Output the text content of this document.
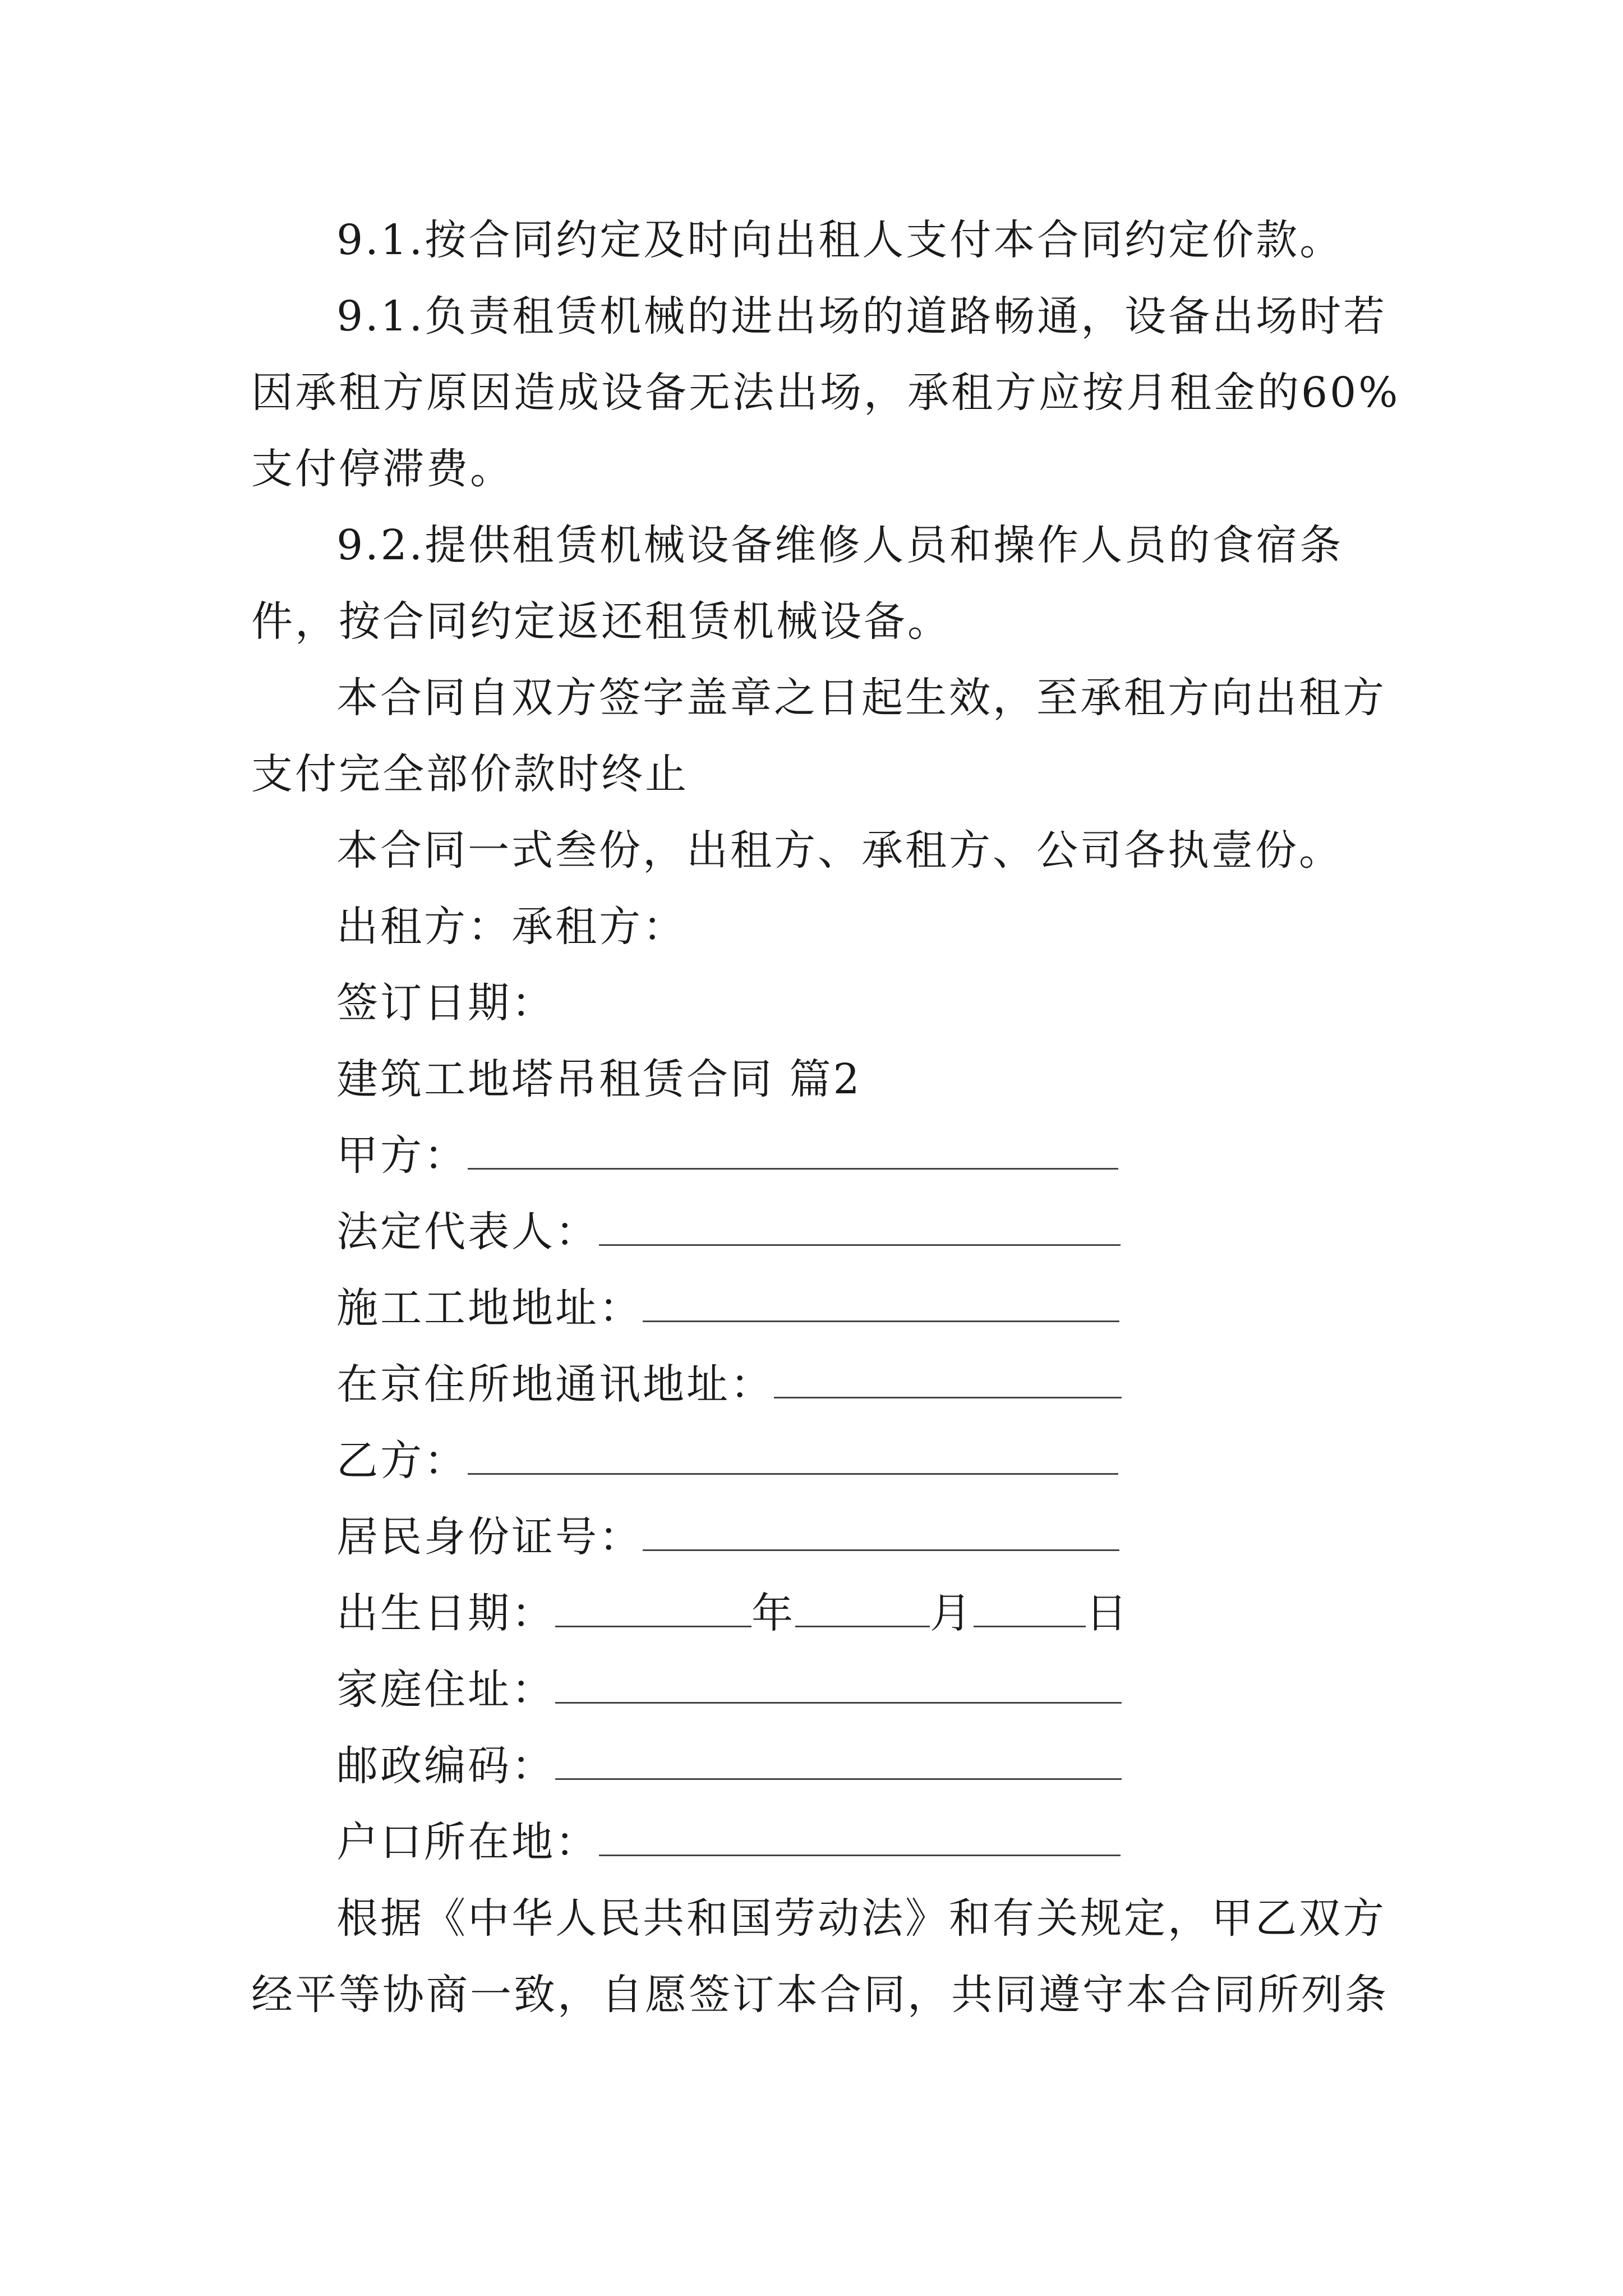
9.1.按合同约定及时向出租人支付本合同约定价款。
9.1.负责租赁机械的进出场的道路畅通，设备出场时若
因承租方原因造成设备无法出场，承租方应按月租金的60%
支付停滞费。
9.2.提供租赁机械设备维修人员和操作人员的食宿条
件，按合同约定返还租赁机械设备。
本合同自双方签字盖章之日起生效，至承租方向出租方
支付完全部价款时终止
本合同一式叁份，出租方、承租方、公司各执壹份。
出租方：承租方：
签订日期：
建筑工地塔吊租赁合同 篇2
甲方：
法定代表人：
施工工地地址：
在京住所地通讯地址：
乙方：
居民身份证号：
出生日期：	年	月	日
家庭住址：
邮政编码：
户口所在地：
根据《中华人民共和国劳动法》和有关规定，甲乙双方
经平等协商一致，自愿签订本合同，共同遵守本合同所列条
